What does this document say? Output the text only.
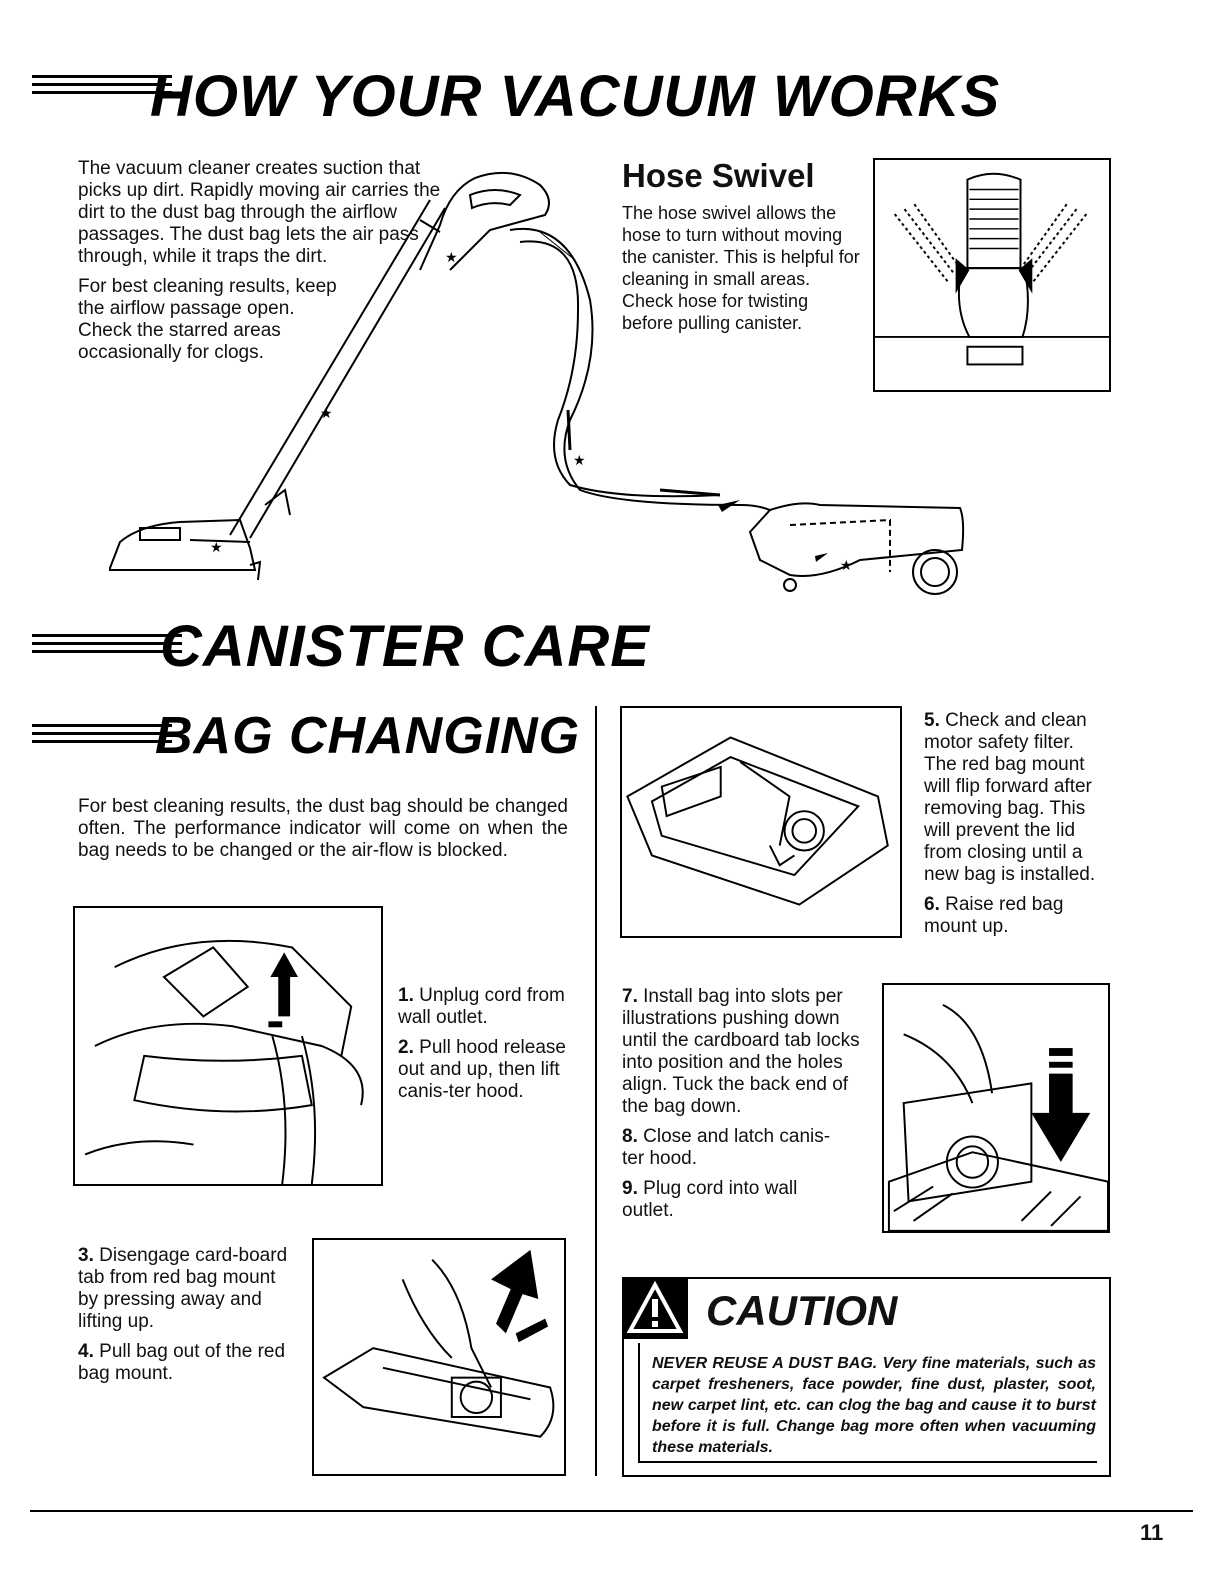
HOW YOUR VACUUM WORKS

The vacuum cleaner creates suction that picks up dirt. Rapidly moving air carries the dirt to the dust bag through the airflow passages. The dust bag lets the air pass through, while it traps the dirt.

For best cleaning results, keep the airflow passage open. Check the starred areas occasionally for clogs.

★
★
★
★
★
Hose Swivel
The hose swivel allows the hose to turn without moving the canister. This is helpful for cleaning in small areas. Check hose for twisting before pulling canister.
CANISTER CARE
BAG CHANGING
For best cleaning results, the dust bag should be changed often. The performance indicator will come on when the bag needs to be changed or the air-flow is blocked.

1. Unplug cord from wall outlet.

2. Pull hood release out and up, then lift canis-ter hood.

3. Disengage card-board tab from red bag mount by pressing away and lifting up.

4. Pull bag out of the red bag mount.

5. Check and clean motor safety filter. The red bag mount will flip forward after removing bag. This will prevent the lid from closing until a new bag is installed.

6. Raise red bag mount up.

7. Install bag into slots per illustrations pushing down until the cardboard tab locks into position and the holes align. Tuck the back end of the bag down.

8. Close and latch canis-ter hood.

9. Plug cord into wall outlet.

CAUTION
NEVER REUSE A DUST BAG. Very fine materials, such as carpet fresheners, face powder, fine dust, plaster, soot, new carpet lint, etc. can clog the bag and cause it to burst before it is full. Change bag more often when vacuuming these materials.
11
